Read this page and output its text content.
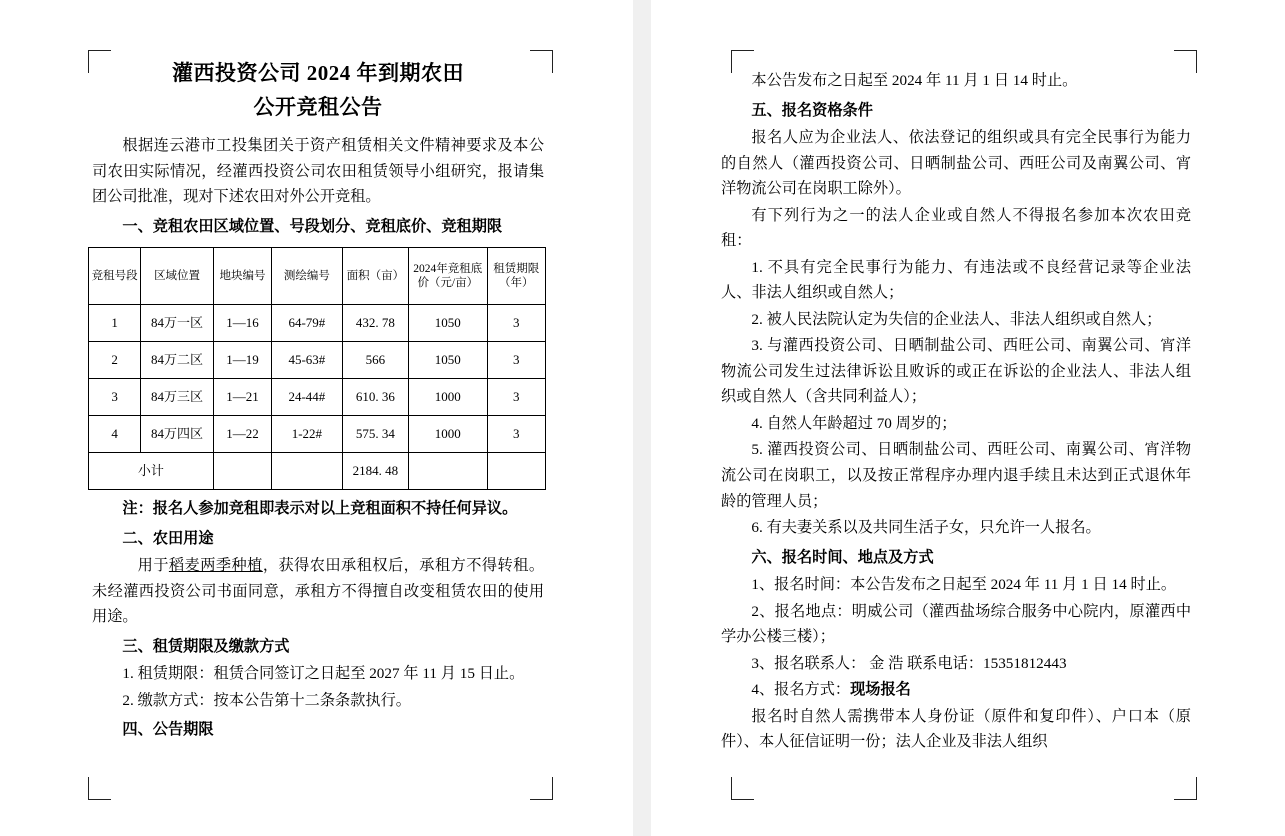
灌西投资公司 2024 年到期农田
公开竞租公告

根据连云港市工投集团关于资产租赁相关文件精神要求及本公司农田实际情况，经灌西投资公司农田租赁领导小组研究，报请集团公司批准，现对下述农田对外公开竞租。

一、竞租农田区域位置、号段划分、竞租底价、竞租期限

竞租号段	区域位置	地块编号	测绘编号	面积（亩）	2024年竞租底价（元/亩）	租赁期限（年）
1	84万一区	1—16	64-79#	432. 78	1050	3
2	84万二区	1—19	45-63#	566	1050	3
3	84万三区	1—21	24-44#	610. 36	1000	3
4	84万四区	1—22	1-22#	575. 34	1000	3
小计				2184. 48		

注：报名人参加竞租即表示对以上竞租面积不持任何异议。

二、农田用途

用于稻麦两季种植，获得农田承租权后，承租方不得转租。未经灌西投资公司书面同意，承租方不得擅自改变租赁农田的使用用途。

三、租赁期限及缴款方式

1. 租赁期限：租赁合同签订之日起至 2027 年 11 月 15 日止。

2. 缴款方式：按本公告第十二条条款执行。

四、公告期限

本公告发布之日起至 2024 年 11 月 1 日 14 时止。

五、报名资格条件

报名人应为企业法人、依法登记的组织或具有完全民事行为能力的自然人（灌西投资公司、日晒制盐公司、西旺公司及南翼公司、宵洋物流公司在岗职工除外）。

有下列行为之一的法人企业或自然人不得报名参加本次农田竞租：

1. 不具有完全民事行为能力、有违法或不良经营记录等企业法人、非法人组织或自然人；

2. 被人民法院认定为失信的企业法人、非法人组织或自然人；

3. 与灌西投资公司、日晒制盐公司、西旺公司、南翼公司、宵洋物流公司发生过法律诉讼且败诉的或正在诉讼的企业法人、非法人组织或自然人（含共同利益人）；

4. 自然人年龄超过 70 周岁的；

5. 灌西投资公司、日晒制盐公司、西旺公司、南翼公司、宵洋物流公司在岗职工，以及按正常程序办理内退手续且未达到正式退休年龄的管理人员；

6. 有夫妻关系以及共同生活子女，只允许一人报名。

六、报名时间、地点及方式

1、报名时间：本公告发布之日起至 2024 年 11 月 1 日 14 时止。

2、报名地点：明威公司（灌西盐场综合服务中心院内，原灌西中学办公楼三楼）；

3、报名联系人： 金 浩 联系电话：15351812443

4、报名方式：现场报名

报名时自然人需携带本人身份证（原件和复印件）、户口本（原件）、本人征信证明一份；法人企业及非法人组织
